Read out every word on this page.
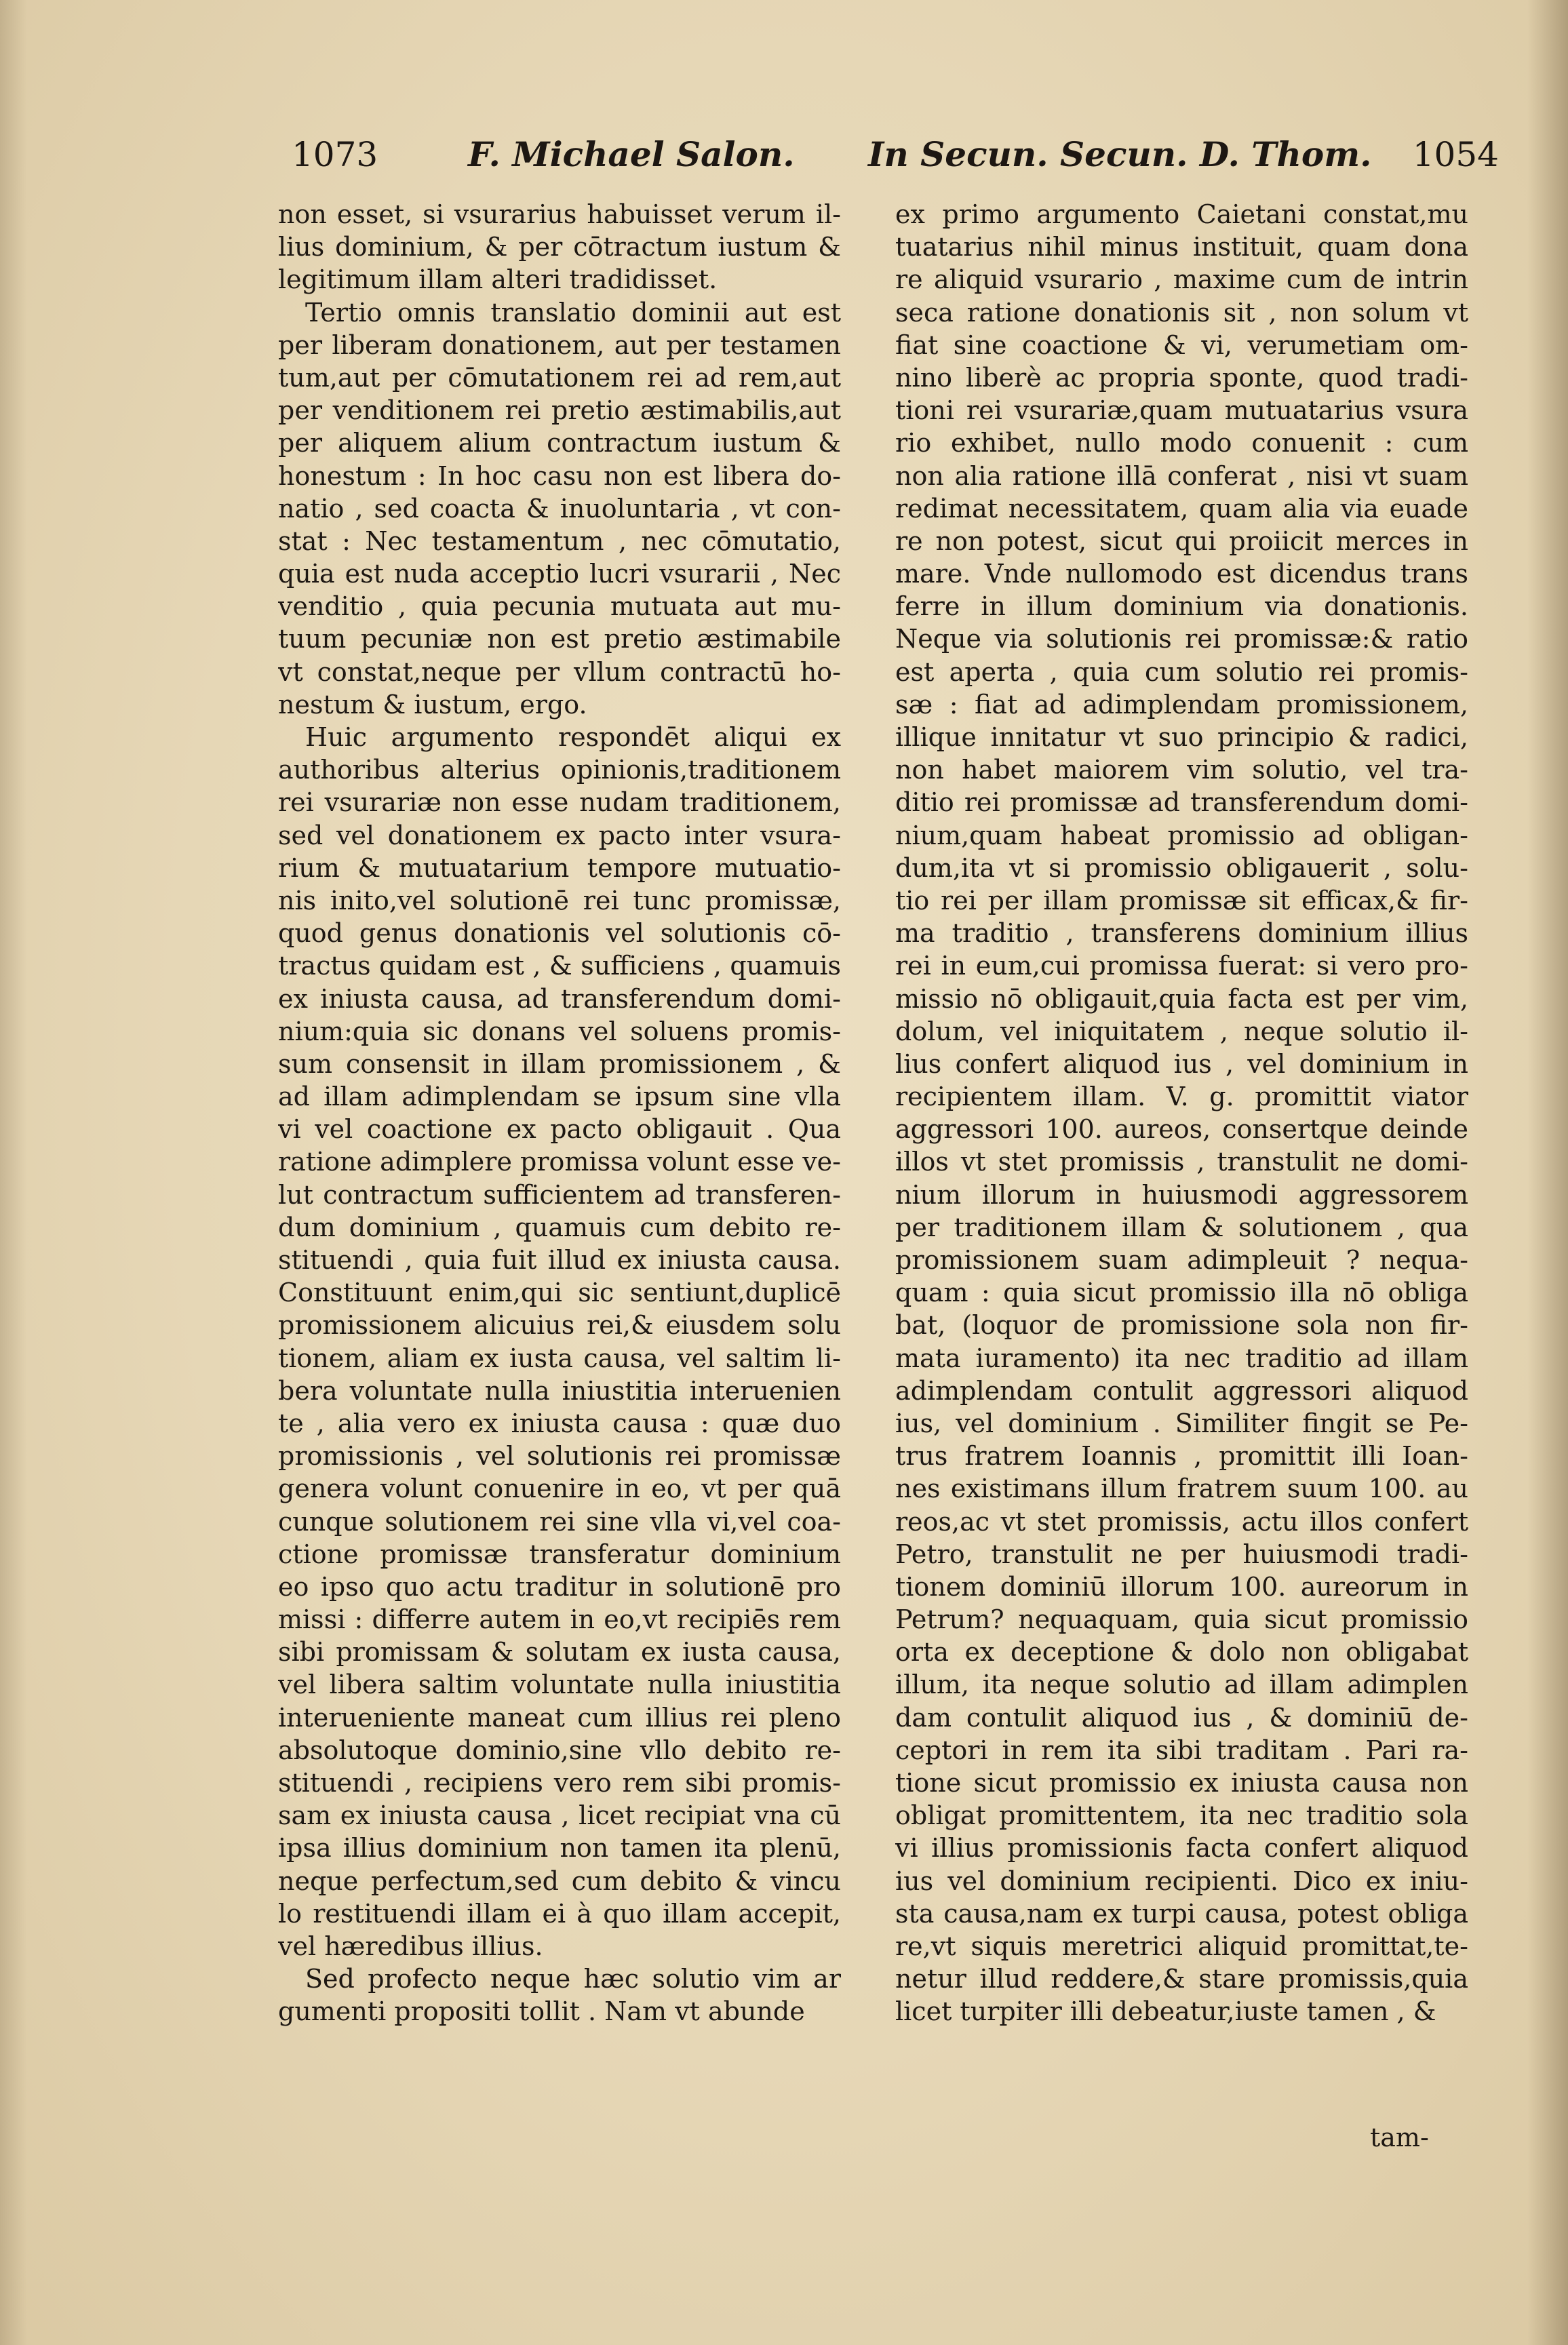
1073	F. Michael Salon. In Secun. Secun. D. Thom. 1054
non esset, si vsurarius habuisset verum il-
lius dominium, & per cōtractum iustum &
legitimum illam alteri tradidisset.
Tertio omnis translatio dominii aut est
per liberam donationem, aut per testamen
tum,aut per cōmutationem rei ad rem,aut
per venditionem rei pretio æstimabilis,aut
per aliquem alium contractum iustum &
honestum : In hoc casu non est libera do-
natio , sed coacta & inuoluntaria , vt con-
stat : Nec testamentum , nec cōmutatio,
quia est nuda acceptio lucri vsurarii , Nec
venditio , quia pecunia mutuata aut mu-
tuum pecuniæ non est pretio æstimabile
vt constat,neque per vllum contractū ho-
nestum & iustum, ergo.
Huic argumento respondēt aliqui ex
authoribus alterius opinionis,traditionem
rei vsurariæ non esse nudam traditionem,
sed vel donationem ex pacto inter vsura-
rium & mutuatarium tempore mutuatio-
nis inito,vel solutionē rei tunc promissæ,
quod genus donationis vel solutionis cō-
tractus quidam est , & sufficiens , quamuis
ex iniusta causa, ad transferendum domi-
nium:quia sic donans vel soluens promis-
sum consensit in illam promissionem , &
ad illam adimplendam se ipsum sine vlla
vi vel coactione ex pacto obligauit . Qua
ratione adimplere promissa volunt esse ve-
lut contractum sufficientem ad transferen-
dum dominium , quamuis cum debito re-
stituendi , quia fuit illud ex iniusta causa.
Constituunt enim,qui sic sentiunt,duplicē
promissionem alicuius rei,& eiusdem solu
tionem, aliam ex iusta causa, vel saltim li-
bera voluntate nulla iniustitia interuenien
te , alia vero ex iniusta causa : quæ duo
promissionis , vel solutionis rei promissæ
genera volunt conuenire in eo, vt per quā
cunque solutionem rei sine vlla vi,vel coa-
ctione promissæ transferatur dominium
eo ipso quo actu traditur in solutionē pro
missi : differre autem in eo,vt recipiēs rem
sibi promissam & solutam ex iusta causa,
vel libera saltim voluntate nulla iniustitia
interueniente maneat cum illius rei pleno
absolutoque dominio,sine vllo debito re-
stituendi , recipiens vero rem sibi promis-
sam ex iniusta causa , licet recipiat vna cū
ipsa illius dominium non tamen ita plenū,
neque perfectum,sed cum debito & vincu
lo restituendi illam ei à quo illam accepit,
vel hæredibus illius.
Sed profecto neque hæc solutio vim ar
gumenti propositi tollit . Nam vt abunde
ex primo argumento Caietani constat,mu
tuatarius nihil minus instituit, quam dona
re aliquid vsurario , maxime cum de intrin
seca ratione donationis sit , non solum vt
fiat sine coactione & vi, verumetiam om-
nino liberè ac propria sponte, quod tradi-
tioni rei vsurariæ,quam mutuatarius vsura
rio exhibet, nullo modo conuenit : cum
non alia ratione illā conferat , nisi vt suam
redimat necessitatem, quam alia via euade
re non potest, sicut qui proiicit merces in
mare. Vnde nullomodo est dicendus trans
ferre in illum dominium via donationis.
Neque via solutionis rei promissæ:& ratio
est aperta , quia cum solutio rei promis-
sæ : fiat ad adimplendam promissionem,
illique innitatur vt suo principio & radici,
non habet maiorem vim solutio, vel tra-
ditio rei promissæ ad transferendum domi-
nium,quam habeat promissio ad obligan-
dum,ita vt si promissio obligauerit , solu-
tio rei per illam promissæ sit efficax,& fir-
ma traditio , transferens dominium illius
rei in eum,cui promissa fuerat: si vero pro-
missio nō obligauit,quia facta est per vim,
dolum, vel iniquitatem , neque solutio il-
lius confert aliquod ius , vel dominium in
recipientem illam. V. g. promittit viator
aggressori 100. aureos, consertque deinde
illos vt stet promissis , transtulit ne domi-
nium illorum in huiusmodi aggressorem
per traditionem illam & solutionem , qua
promissionem suam adimpleuit ? nequa-
quam : quia sicut promissio illa nō obliga
bat, (loquor de promissione sola non fir-
mata iuramento) ita nec traditio ad illam
adimplendam contulit aggressori aliquod
ius, vel dominium . Similiter fingit se Pe-
trus fratrem Ioannis , promittit illi Ioan-
nes existimans illum fratrem suum 100. au
reos,ac vt stet promissis, actu illos confert
Petro, transtulit ne per huiusmodi tradi-
tionem dominiū illorum 100. aureorum in
Petrum? nequaquam, quia sicut promissio
orta ex deceptione & dolo non obligabat
illum, ita neque solutio ad illam adimplen
dam contulit aliquod ius , & dominiū de-
ceptori in rem ita sibi traditam . Pari ra-
tione sicut promissio ex iniusta causa non
obligat promittentem, ita nec traditio sola
vi illius promissionis facta confert aliquod
ius vel dominium recipienti. Dico ex iniu-
sta causa,nam ex turpi causa, potest obliga
re,vt siquis meretrici aliquid promittat,te-
netur illud reddere,& stare promissis,quia
licet turpiter illi debeatur,iuste tamen , &
tam-
